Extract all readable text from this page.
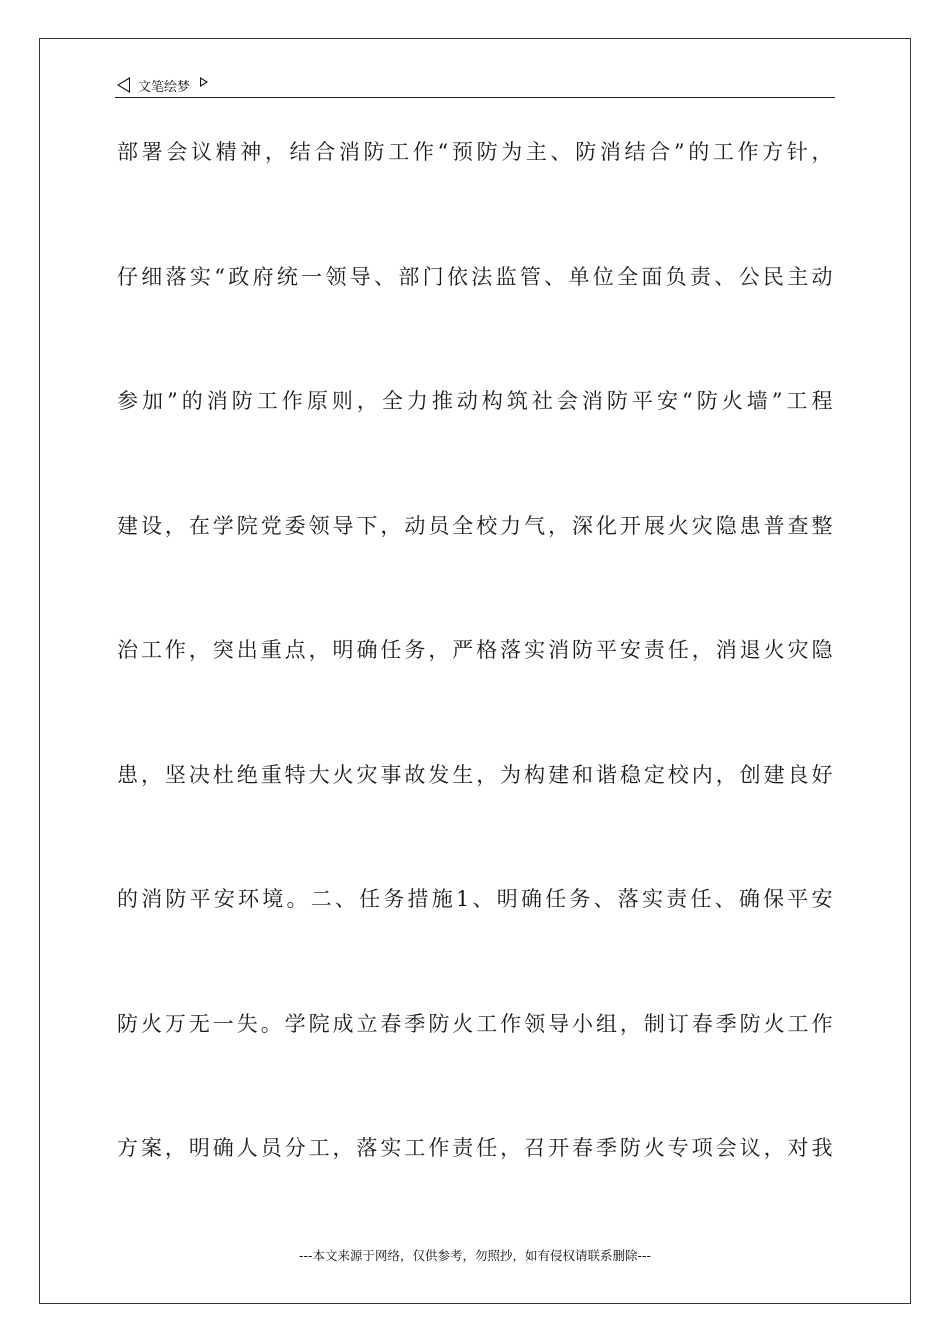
文笔绘梦
部署会议精神，结合消防工作“预防为主、防消结合”的工作方针，
仔细落实“政府统一领导、部门依法监管、单位全面负责、公民主动
参加”的消防工作原则，全力推动构筑社会消防平安“防火墙”工程
建设，在学院党委领导下，动员全校力气，深化开展火灾隐患普查整
治工作，突出重点，明确任务，严格落实消防平安责任，消退火灾隐
患，坚决杜绝重特大火灾事故发生，为构建和谐稳定校内，创建良好
的消防平安环境。二、任务措施1、明确任务、落实责任、确保平安
防火万无一失。学院成立春季防火工作领导小组，制订春季防火工作
方案，明确人员分工，落实工作责任，召开春季防火专项会议，对我
---本文来源于网络，仅供参考，勿照抄，如有侵权请联系删除---
